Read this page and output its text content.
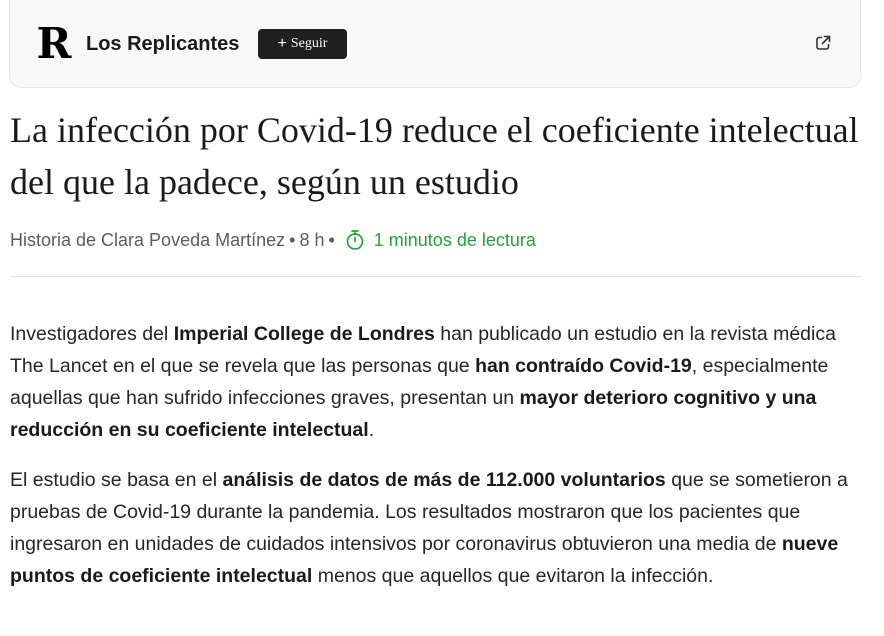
R Los Replicantes + Seguir
La infección por Covid-19 reduce el coeficiente intelectual del que la padece, según un estudio
Historia de Clara Poveda Martínez • 8 h • 1 minutos de lectura

Investigadores del Imperial College de Londres han publicado un estudio en la revista médica The Lancet en el que se revela que las personas que han contraído Covid-19, especialmente aquellas que han sufrido infecciones graves, presentan un mayor deterioro cognitivo y una reducción en su coeficiente intelectual.

El estudio se basa en el análisis de datos de más de 112.000 voluntarios que se sometieron a pruebas de Covid-19 durante la pandemia. Los resultados mostraron que los pacientes que ingresaron en unidades de cuidados intensivos por coronavirus obtuvieron una media de nueve puntos de coeficiente intelectual menos que aquellos que evitaron la infección.
